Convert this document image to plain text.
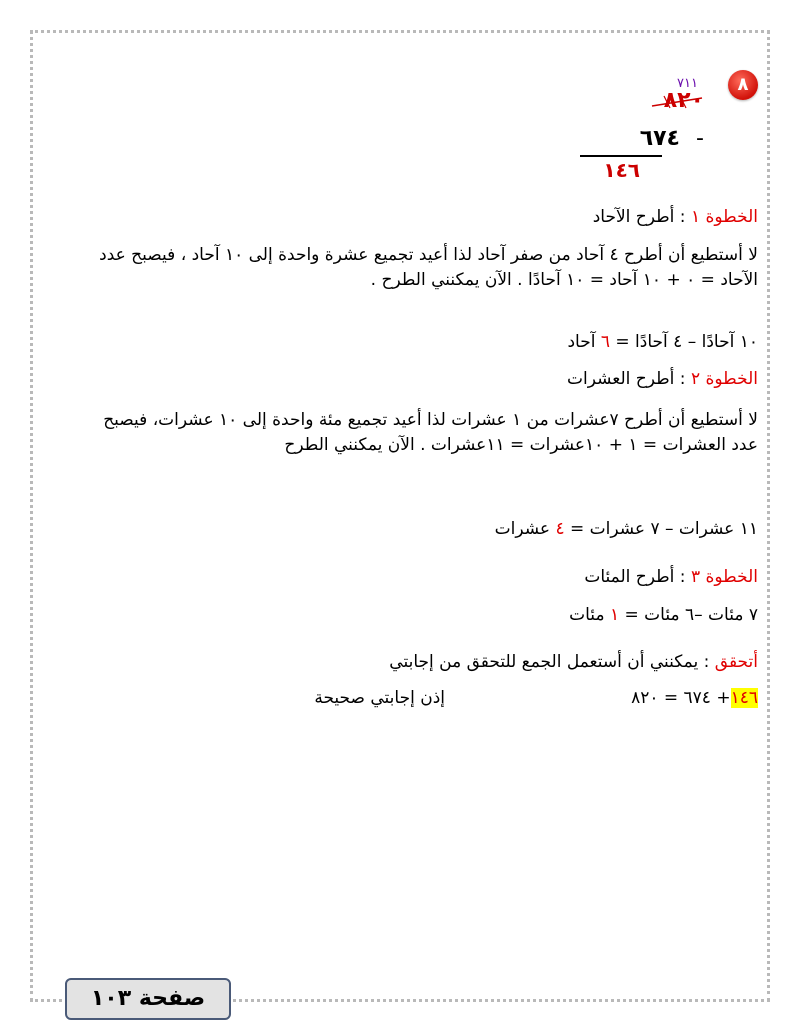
٨
٧١١
٨٢٠
-
٦٧٤
١٤٦
الخطوة ١ : أطرح الآحاد
لا أستطيع أن أطرح ٤ آحاد من صفر آحاد لذا أعيد تجميع عشرة واحدة إلى ١٠ آحاد ، فيصبح عدد الآحاد = ٠ + ١٠ آحاد = ١٠ آحادًا . الآن يمكنني الطرح .
١٠ آحادًا – ٤ آحادًا = ٦ آحاد
الخطوة ٢ : أطرح العشرات
لا أستطيع أن أطرح ٧عشرات من ١ عشرات لذا أعيد تجميع مئة واحدة إلى ١٠ عشرات، فيصبح عدد العشرات = ١ + ١٠عشرات = ١١عشرات . الآن يمكنني الطرح
١١ عشرات – ٧ عشرات = ٤ عشرات
الخطوة ٣ : أطرح المئات
٧ مئات –٦ مئات = ١ مئات
أتحقق : يمكنني أن أستعمل الجمع للتحقق من إجابتي
١٤٦+ ٦٧٤ = ٨٢٠
إذن إجابتي صحيحة
صفحة ١٠٣
